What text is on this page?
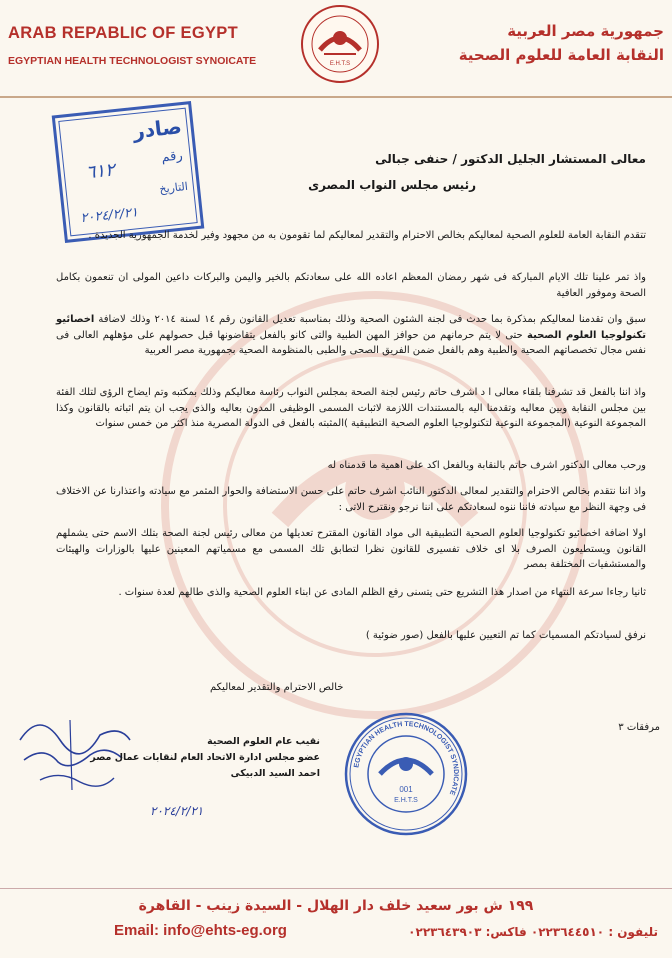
ARAB REPABLIC OF EGYPT
EGYPTIAN HEALTH TECHNOLOGIST SYNOICATE	E.H.T.S
جمهورية مصر العربية
النقابة العامة للعلوم الصحية
صادر
رقم
٦١٢
التاريخ
٢٠٢٤/٢/٢١
معالى المستشار الجليل الدكتور / حنفى جبالى
رئيس مجلس النواب المصرى
تتقدم النقابة العامة للعلوم الصحية لمعاليكم بخالص الاحترام والتقدير لمعاليكم لما تقومون به من مجهود وفير لخدمة الجمهورية الجديدة .
واذ تمر علينا تلك الايام المباركة فى شهر رمضان المعظم اعاده الله على سعادتكم بالخير واليمن والبركات داعين المولى ان تنعمون بكامل الصحة وموفور العافية
سبق وان تقدمنا لمعاليكم بمذكرة بما حدث فى لجنة الشئون الصحية وذلك بمناسبة تعديل القانون رقم ١٤ لسنة ٢٠١٤ وذلك لاضافة اخصائيو تكنولوجيا العلوم الصحية حتى لا يتم حرمانهم من حوافز المهن الطبية والتى كانو بالفعل يتقاضونها قبل حصولهم على مؤهلهم العالى فى نفس مجال تخصصاتهم الصحية والطبية وهم بالفعل ضمن الفريق الصحى والطبى بالمنظومة الصحية بجمهورية مصر العربية
واذ اننا بالفعل قد تشرفنا بلقاء معالى ا د اشرف حاتم رئيس لجنة الصحة بمجلس النواب رئاسة معاليكم وذلك بمكتبه وتم ايضاح الرؤى لتلك الفئة بين مجلس النقابة وبين معاليه وتقدمنا اليه بالمستندات اللازمة لاثبات المسمى الوظيفى المدون بعاليه والذى يجب ان يتم اثباته بالقانون وكذا المجموعة النوعية (المجموعة النوعية لتكنولوجيا العلوم الصحية التطبيقية )المثبته بالفعل فى الدولة المصرية منذ اكثر من خمس سنوات
ورحب معالى الدكتور اشرف حاتم بالنقابة وبالفعل اكد على اهمية ما قدمناه له
واذ اننا نتقدم بخالص الاحترام والتقدير لمعالى الدكتور النائب اشرف حاتم على حسن الاستضافة والحوار المثمر مع سيادته واعتذارنا عن الاختلاف فى وجهة النظر مع سيادته فاننا ننوه لسعادتكم على اننا نرجو ونقترح الاتى :
اولا اضافة اخصائيو تكنولوجيا العلوم الصحية التطبيقية الى مواد القانون المقترح تعديلها من معالى رئيس لجنة الصحة بتلك الاسم حتى يشملهم القانون ويستطيعون الصرف بلا اى خلاف تفسيرى للقانون نظرا لتطابق تلك المسمى مع مسمياتهم المعينين عليها بالوزارات والهيئات والمستشفيات المختلفة بمصر
ثانيا رجاءا سرعة النتهاء من اصدار هذا التشريع حتى يتسنى رفع الظلم المادى عن ابناء العلوم الصحية والذى طالهم لعدة سنوات .
نرفق لسيادتكم المسميات كما تم التعيين عليها بالفعل (صور ضوئية )
خالص الاحترام والتقدير لمعاليكم
مرفقات ٣
نقيب عام العلوم الصحية
عضو مجلس ادارة الاتحاد العام لنقابات عمال مصر
احمد السيد الدبيكى
٢٠٢٤/٢/٢١
EGYPTIAN HEALTH TECHNOLOGIST SYNDICATE
001
E.H.T.S
١٩٩ ش بور سعيد خلف دار الهلال - السيدة زينب - القاهرة
Email: info@ehts-eg.org	تليفون : ٠٢٢٣٦٤٤٥١٠ فاكس: ٠٢٢٣٦٤٣٩٠٣
